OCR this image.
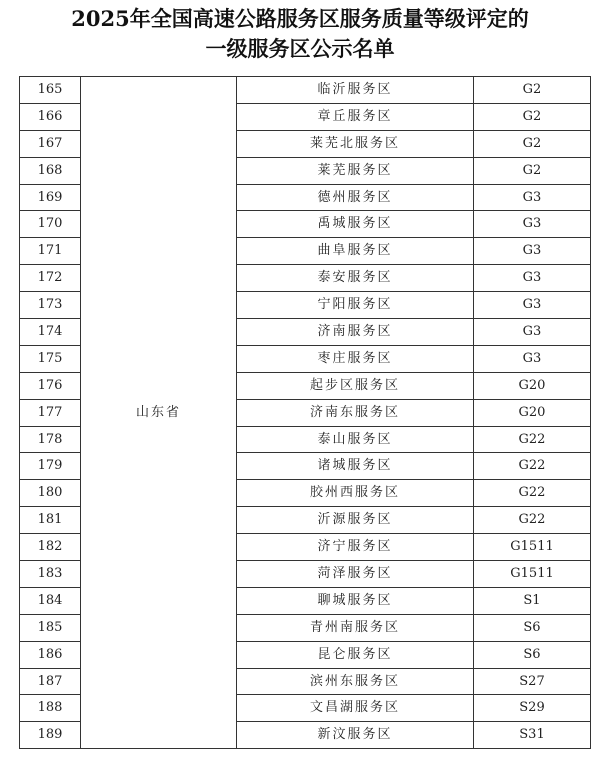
2025年全国高速公路服务区服务质量等级评定的
一级服务区公示名单
165	山东省	临沂服务区	G2
166		章丘服务区	G2
167		莱芜北服务区	G2
168		莱芜服务区	G2
169		德州服务区	G3
170		禹城服务区	G3
171		曲阜服务区	G3
172		泰安服务区	G3
173		宁阳服务区	G3
174		济南服务区	G3
175		枣庄服务区	G3
176		起步区服务区	G20
177		济南东服务区	G20
178		泰山服务区	G22
179		诸城服务区	G22
180		胶州西服务区	G22
181		沂源服务区	G22
182		济宁服务区	G1511
183		菏泽服务区	G1511
184		聊城服务区	S1
185		青州南服务区	S6
186		昆仑服务区	S6
187		滨州东服务区	S27
188		文昌湖服务区	S29
189		新汶服务区	S31
